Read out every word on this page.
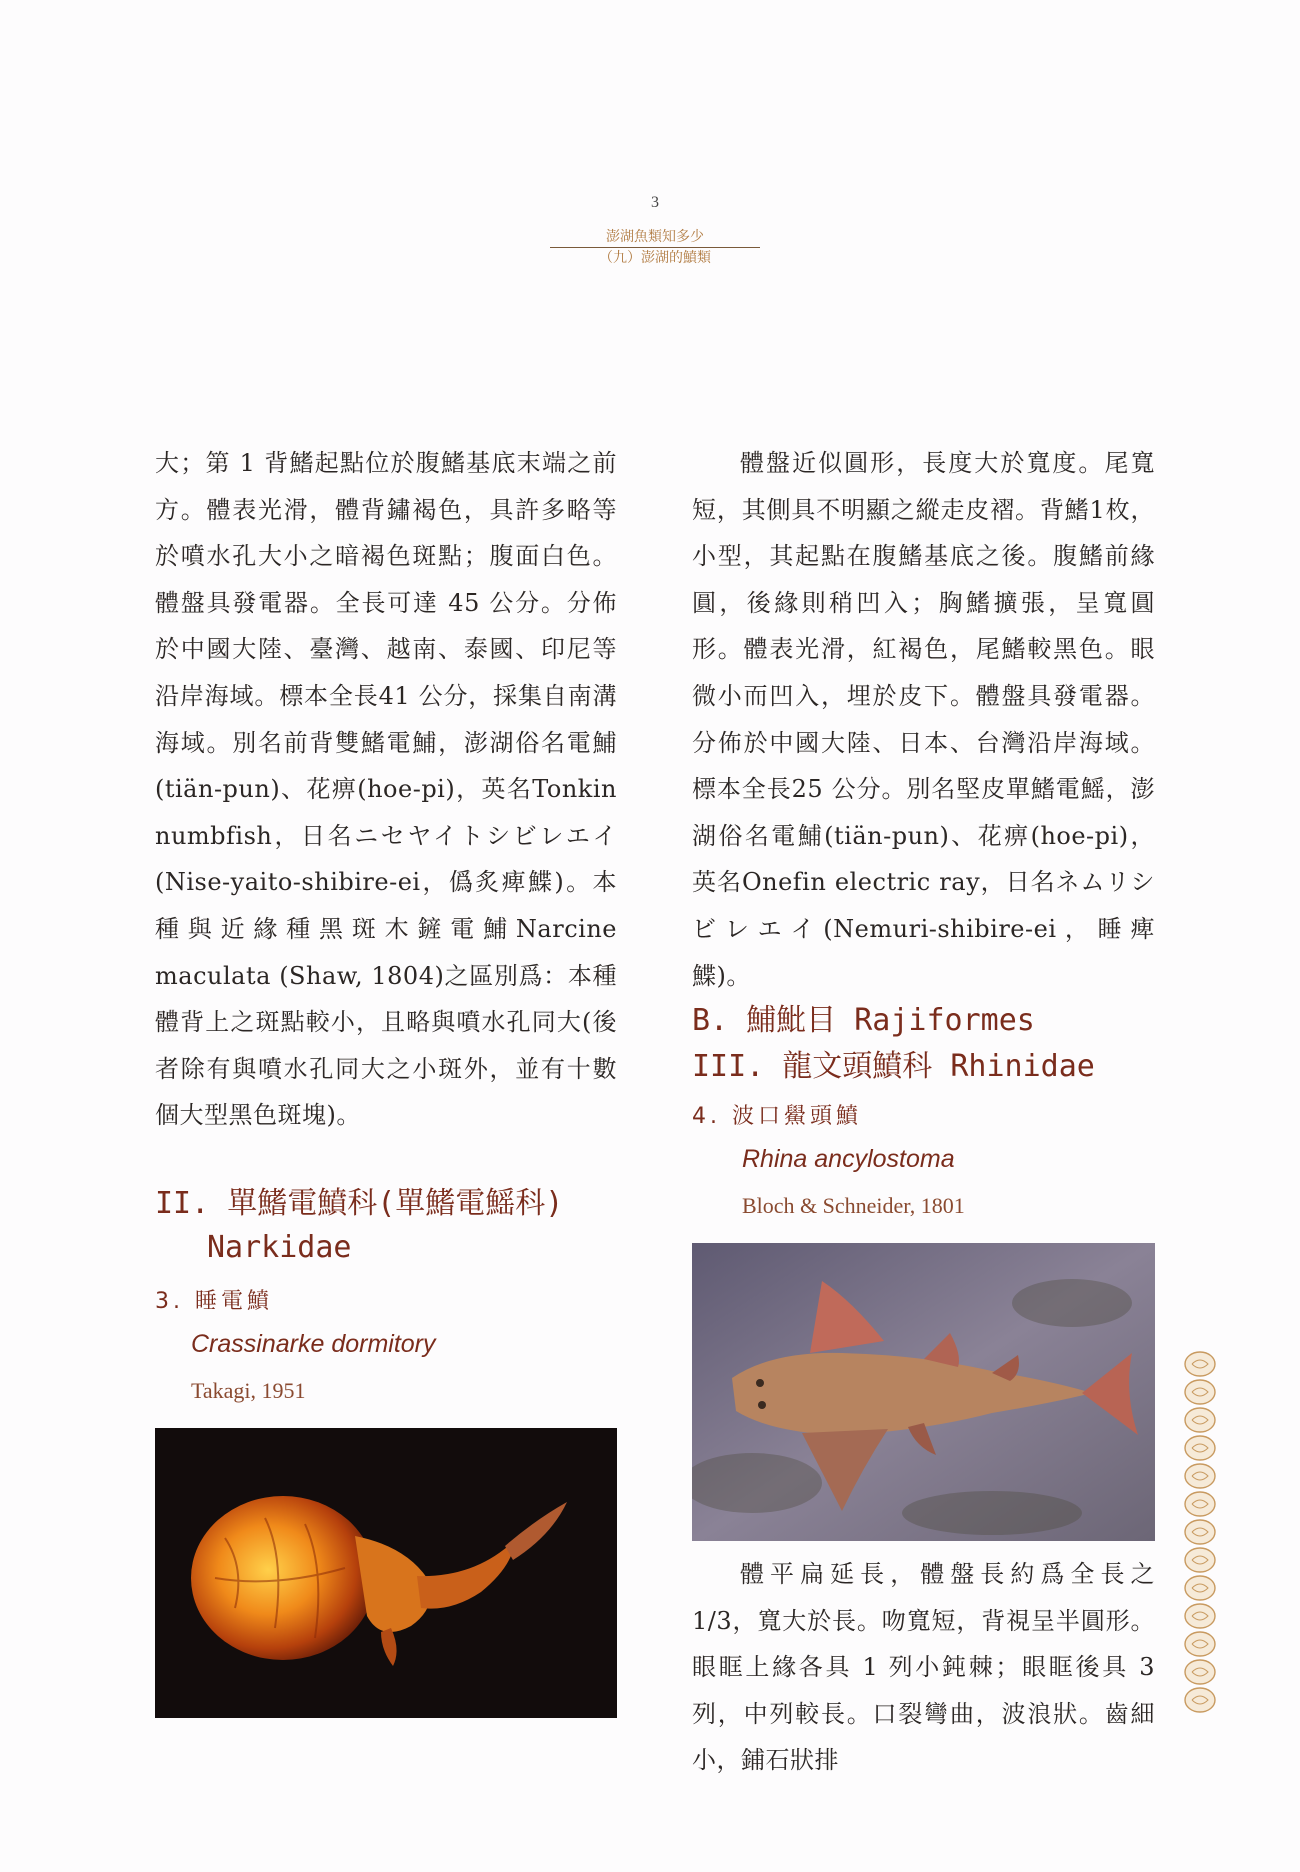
3
澎湖魚類知多少
（九）澎湖的鱝類

大；第 1 背鰭起點位於腹鰭基底末端之前方。體表光滑，體背鏽褐色，具許多略等於噴水孔大小之暗褐色斑點；腹面白色。體盤具發電器。全長可達 45 公分。分佈於中國大陸、臺灣、越南、泰國、印尼等沿岸海域。標本全長41 公分，採集自南溝海域。別名前背雙鰭電鯆，澎湖俗名電鯆(tiän-pun)、花痹(hoe-pi)，英名Tonkin numbfish，日名ニセヤイトシビレエイ(Nise-yaito-shibire-ei，僞炙痺鰈)。本種與近緣種黑斑木鏟電鯆Narcine maculata (Shaw, 1804)之區別爲：本種體背上之斑點較小，且略與噴水孔同大(後者除有與噴水孔同大之小斑外，並有十數個大型黑色斑塊)。

II. 單鰭電鱝科(單鰭電鰩科)
Narkidae
3. 睡電鱝
Crassinarke dormitory
Takagi, 1951

體盤近似圓形，長度大於寬度。尾寬短，其側具不明顯之縱走皮褶。背鰭1枚，小型，其起點在腹鰭基底之後。腹鰭前緣圓，後緣則稍凹入；胸鰭擴張，呈寬圓形。體表光滑，紅褐色，尾鰭較黑色。眼微小而凹入，埋於皮下。體盤具發電器。分佈於中國大陸、日本、台灣沿岸海域。標本全長25 公分。別名堅皮單鰭電鰩，澎湖俗名電鯆(tiän-pun)、花痹(hoe-pi)，英名Onefin electric ray，日名ネムリシビレエイ(Nemuri-shibire-ei，睡痺鰈)。

B. 鯆魮目 Rajiformes
III. 龍文頭鱝科 Rhinidae
4. 波口鱟頭鱝
Rhina ancylostoma
Bloch & Schneider, 1801

體平扁延長，體盤長約爲全長之 1/3，寬大於長。吻寬短，背視呈半圓形。眼眶上緣各具 1 列小鈍棘；眼眶後具 3 列，中列較長。口裂彎曲，波浪狀。齒細小，鋪石狀排
